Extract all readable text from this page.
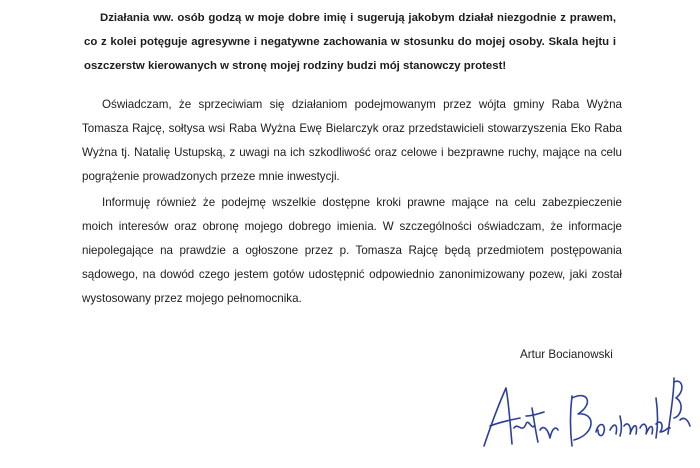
Działania ww. osób godzą w moje dobre imię i sugerują jakobym działał niezgodnie z prawem, co z kolei potęguje agresywne i negatywne zachowania w stosunku do mojej osoby. Skala hejtu i oszczerstw kierowanych w stronę mojej rodziny budzi mój stanowczy protest!

Oświadczam, że sprzeciwiam się działaniom podejmowanym przez wójta gminy Raba Wyżna Tomasza Rajcę, sołtysa wsi Raba Wyżna Ewę Bielarczyk oraz przedstawicieli stowarzyszenia Eko Raba Wyżna tj. Natalię Ustupską, z uwagi na ich szkodliwość oraz celowe i bezprawne ruchy, mające na celu pogrążenie prowadzonych przeze mnie inwestycji.

Informuję również że podejmę wszelkie dostępne kroki prawne mające na celu zabezpieczenie moich interesów oraz obronę mojego dobrego imienia. W szczególności oświadczam, że informacje niepolegające na prawdzie a ogłoszone przez p. Tomasza Rajcę będą przedmiotem postępowania sądowego, na dowód czego jestem gotów udostępnić odpowiednio zanonimizowany pozew, jaki został wystosowany przez mojego pełnomocnika.

Artur Bocianowski
